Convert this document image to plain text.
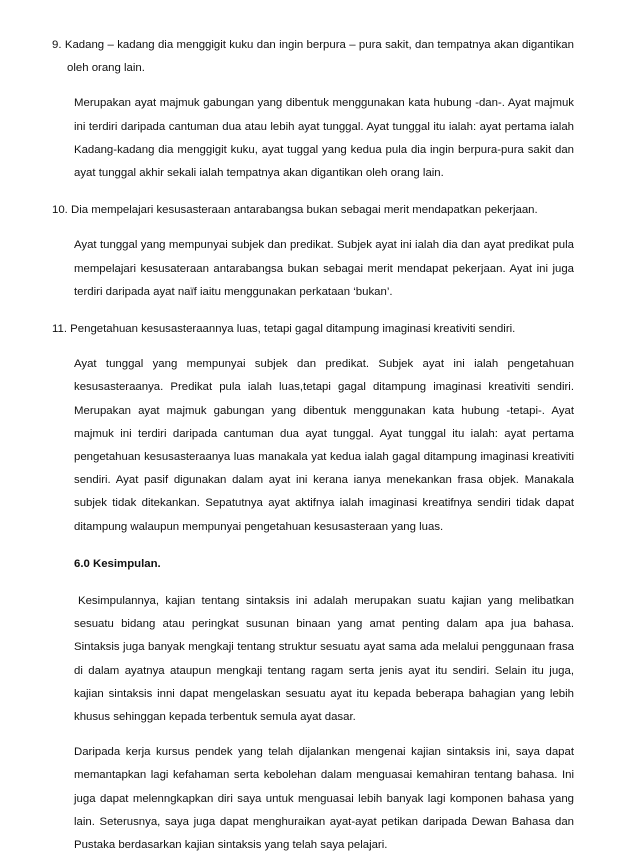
9. Kadang – kadang dia menggigit kuku dan ingin berpura – pura sakit, dan tempatnya akan digantikan oleh orang lain.

Merupakan ayat majmuk gabungan yang dibentuk menggunakan kata hubung -dan-. Ayat majmuk ini terdiri daripada cantuman dua atau lebih ayat tunggal. Ayat tunggal itu ialah: ayat pertama ialah Kadang-kadang dia menggigit kuku, ayat tuggal yang kedua pula dia ingin berpura-pura sakit dan ayat tunggal akhir sekali ialah tempatnya akan digantikan oleh orang lain.

10. Dia mempelajari kesusasteraan antarabangsa bukan sebagai merit mendapatkan pekerjaan.

Ayat tunggal yang mempunyai subjek dan predikat. Subjek ayat ini ialah dia dan ayat predikat pula mempelajari kesusateraan antarabangsa bukan sebagai merit mendapat pekerjaan. Ayat ini juga terdiri daripada ayat naïf iaitu menggunakan perkataan ‘bukan’.

11. Pengetahuan kesusasteraannya luas, tetapi gagal ditampung imaginasi kreativiti sendiri.

Ayat tunggal yang mempunyai subjek dan predikat. Subjek ayat ini ialah pengetahuan kesusasteraanya. Predikat pula ialah luas,tetapi gagal ditampung imaginasi kreativiti sendiri. Merupakan ayat majmuk gabungan yang dibentuk menggunakan kata hubung -tetapi-. Ayat majmuk ini terdiri daripada cantuman dua ayat tunggal. Ayat tunggal itu ialah: ayat pertama pengetahuan kesusasteraanya luas manakala yat kedua ialah gagal ditampung imaginasi kreativiti sendiri. Ayat pasif digunakan dalam ayat ini kerana ianya menekankan frasa objek. Manakala subjek tidak ditekankan. Sepatutnya ayat aktifnya ialah imaginasi kreatifnya sendiri tidak dapat ditampung walaupun mempunyai pengetahuan kesusasteraan yang luas.

6.0 Kesimpulan.

Kesimpulannya, kajian tentang sintaksis ini adalah merupakan suatu kajian yang melibatkan sesuatu bidang atau peringkat susunan binaan yang amat penting dalam apa jua bahasa. Sintaksis juga banyak mengkaji tentang struktur sesuatu ayat sama ada melalui penggunaan frasa di dalam ayatnya ataupun mengkaji tentang ragam serta jenis ayat itu sendiri. Selain itu juga, kajian sintaksis inni dapat mengelaskan sesuatu ayat itu kepada beberapa bahagian yang lebih khusus sehinggan kepada terbentuk semula ayat dasar.

Daripada kerja kursus pendek yang telah dijalankan mengenai kajian sintaksis ini, saya dapat memantapkan lagi kefahaman serta kebolehan dalam menguasai kemahiran tentang bahasa. Ini juga dapat melenngkapkan diri saya untuk menguasai lebih banyak lagi komponen bahasa yang lain. Seterusnya, saya juga dapat menghuraikan ayat-ayat petikan daripada Dewan Bahasa dan Pustaka berdasarkan kajian sintaksis yang telah saya pelajari.
